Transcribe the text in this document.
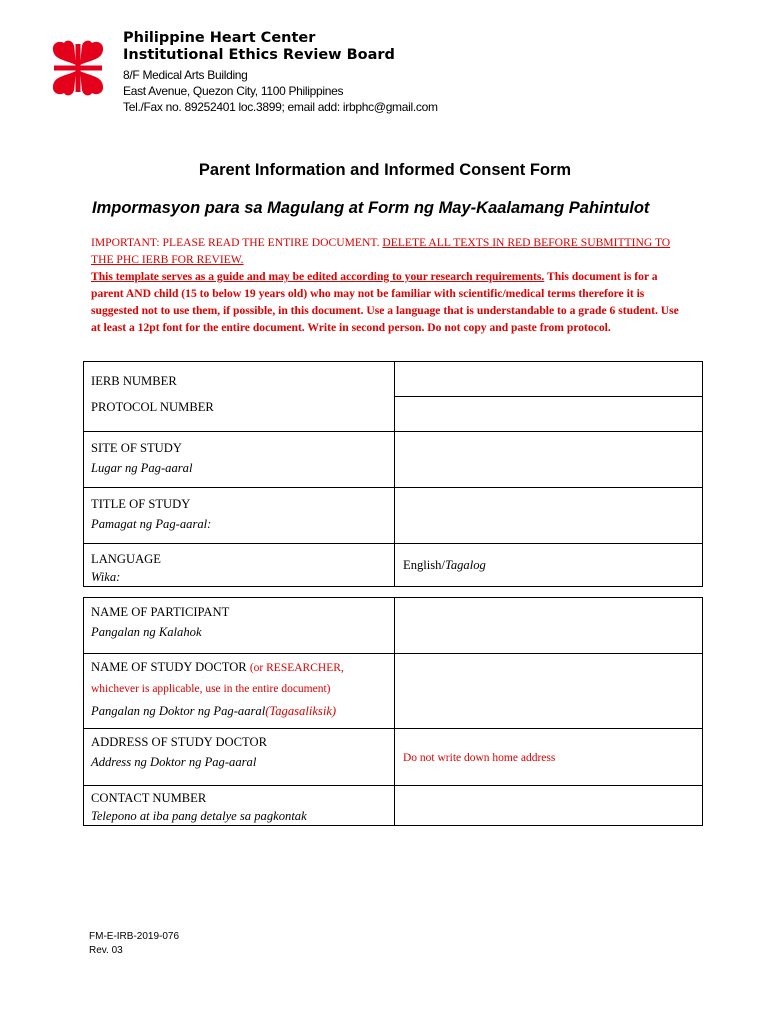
Philippine Heart Center
Institutional Ethics Review Board
8/F Medical Arts Building
East Avenue, Quezon City, 1100 Philippines
Tel./Fax no. 89252401 loc.3899; email add: irbphc@gmail.com
Parent Information and Informed Consent Form
Impormasyon para sa Magulang at Form ng May-Kaalamang Pahintulot

IMPORTANT: PLEASE READ THE ENTIRE DOCUMENT. DELETE ALL TEXTS IN RED BEFORE SUBMITTING TO THE PHC IERB FOR REVIEW.

This template serves as a guide and may be edited according to your research requirements. This document is for a parent AND child (15 to below 19 years old) who may not be familiar with scientific/medical terms therefore it is suggested not to use them, if possible, in this document. Use a language that is understandable to a grade 6 student. Use at least a 12pt font for the entire document. Write in second person. Do not copy and paste from protocol.

IERB NUMBER	

PROTOCOL NUMBER	

SITE OF STUDY
Lugar ng Pag-aaral	

TITLE OF STUDY
Pamagat ng Pag-aaral:	

LANGUAGE
Wika:	English/Tagalog
NAME OF PARTICIPANT
Pangalan ng Kalahok	

NAME OF STUDY DOCTOR (or RESEARCHER, whichever is applicable, use in the entire document)
Pangalan ng Doktor ng Pag-aaral(Tagasaliksik)	

ADDRESS OF STUDY DOCTOR
Address ng Doktor ng Pag-aaral	Do not write down home address

CONTACT NUMBER
Telepono at iba pang detalye sa pagkontak	

FM-E-IRB-2019-076
Rev. 03
